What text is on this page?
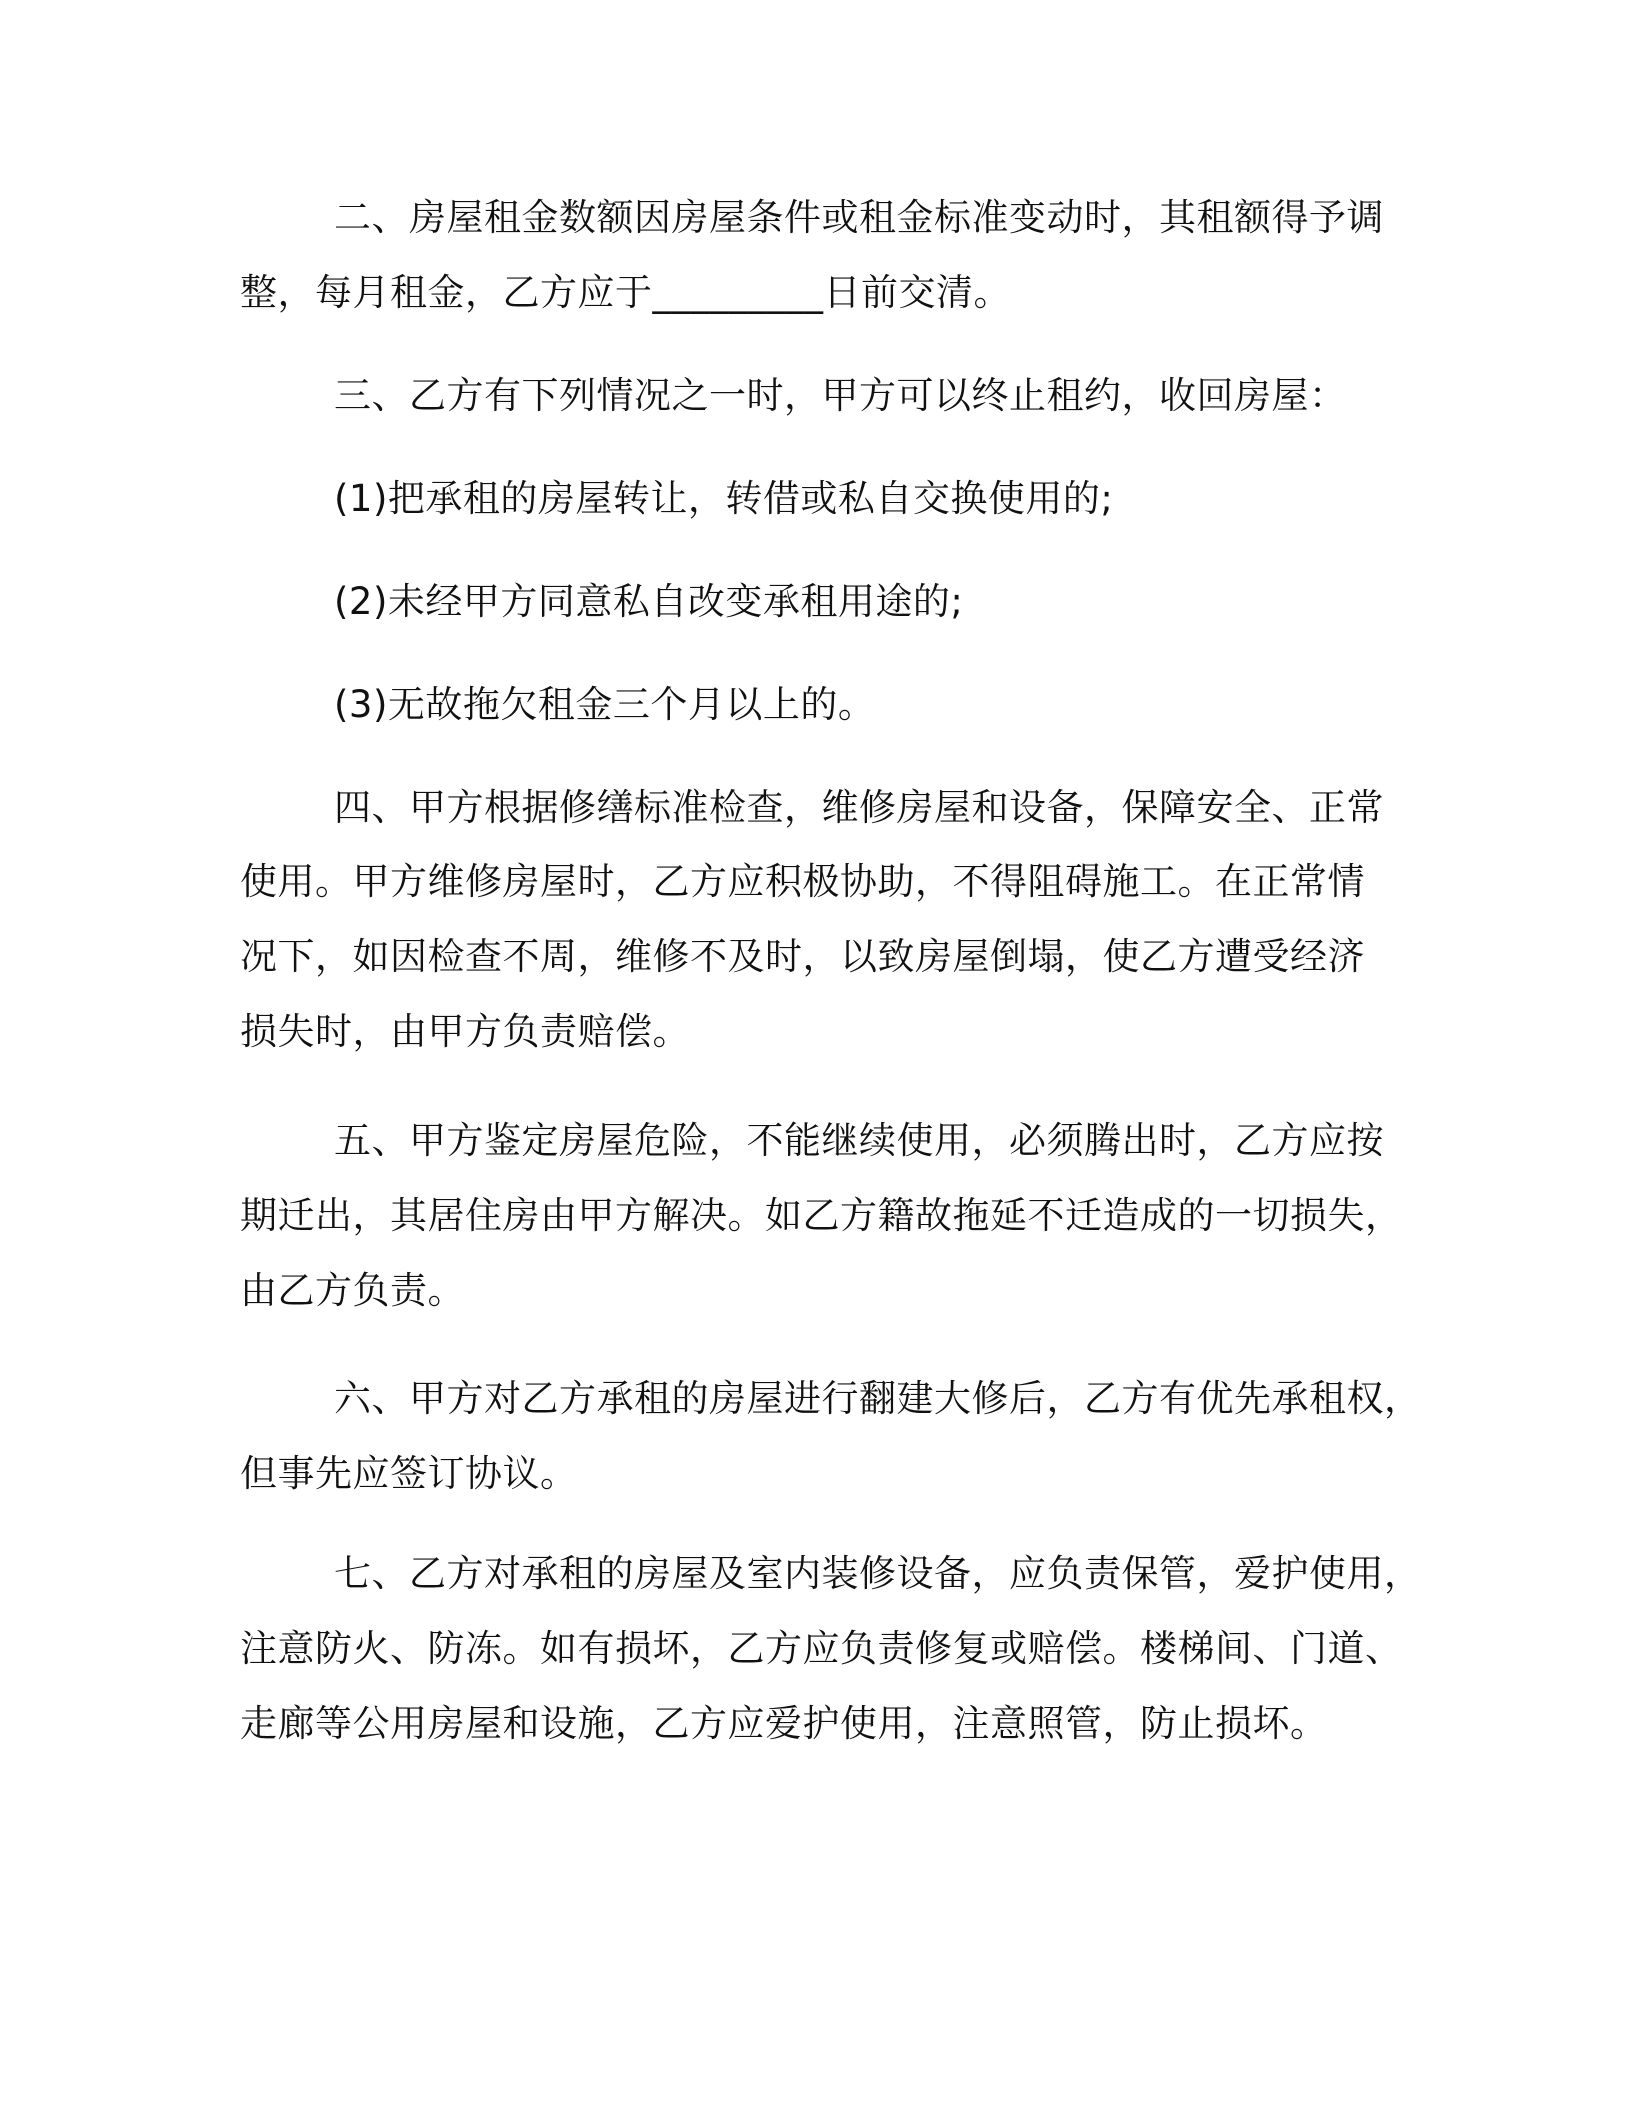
二、房屋租金数额因房屋条件或租金标准变动时，其租额得予调

整，每月租金，乙方应于_________日前交清。

三、乙方有下列情况之一时，甲方可以终止租约，收回房屋：

(1)把承租的房屋转让，转借或私自交换使用的;

(2)未经甲方同意私自改变承租用途的;

(3)无故拖欠租金三个月以上的。

四、甲方根据修缮标准检查，维修房屋和设备，保障安全、正常

使用。甲方维修房屋时，乙方应积极协助，不得阻碍施工。在正常情

况下，如因检查不周，维修不及时，以致房屋倒塌，使乙方遭受经济

损失时，由甲方负责赔偿。

五、甲方鉴定房屋危险，不能继续使用，必须腾出时，乙方应按

期迁出，其居住房由甲方解决。如乙方籍故拖延不迁造成的一切损失，

由乙方负责。

六、甲方对乙方承租的房屋进行翻建大修后，乙方有优先承租权，

但事先应签订协议。

七、乙方对承租的房屋及室内装修设备，应负责保管，爱护使用，

注意防火、防冻。如有损坏，乙方应负责修复或赔偿。楼梯间、门道、

走廊等公用房屋和设施，乙方应爱护使用，注意照管，防止损坏。
